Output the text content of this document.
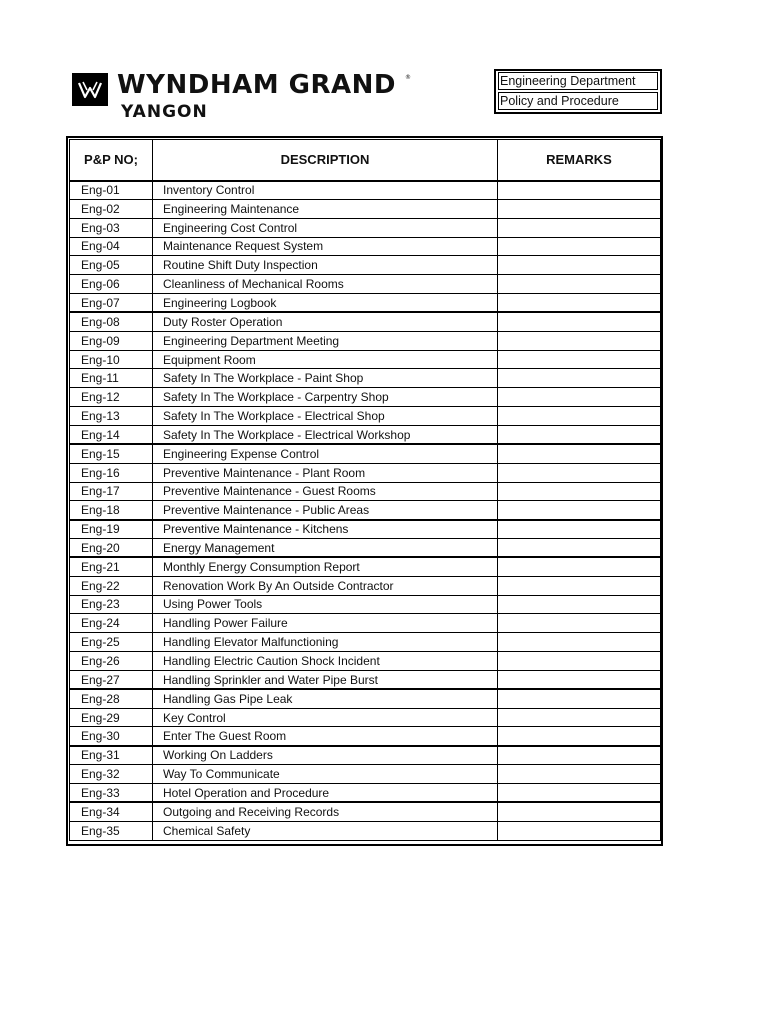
WYNDHAM GRAND ®
YANGON
Engineering Department
Policy and Procedure
P&P NO;	DESCRIPTION	REMARKS
Eng-01	Inventory Control	
Eng-02	Engineering Maintenance	
Eng-03	Engineering Cost Control	
Eng-04	Maintenance Request System	
Eng-05	Routine Shift Duty Inspection	
Eng-06	Cleanliness of Mechanical Rooms	
Eng-07	Engineering Logbook	
Eng-08	Duty Roster Operation	
Eng-09	Engineering Department Meeting	
Eng-10	Equipment Room	
Eng-11	Safety In The Workplace - Paint Shop	
Eng-12	Safety In The Workplace - Carpentry Shop	
Eng-13	Safety In The Workplace - Electrical Shop	
Eng-14	Safety In The Workplace - Electrical Workshop	
Eng-15	Engineering Expense Control	
Eng-16	Preventive Maintenance - Plant Room	
Eng-17	Preventive Maintenance - Guest Rooms	
Eng-18	Preventive Maintenance - Public Areas	
Eng-19	Preventive Maintenance - Kitchens	
Eng-20	Energy Management	
Eng-21	Monthly Energy Consumption Report	
Eng-22	Renovation Work By An Outside Contractor	
Eng-23	Using Power Tools	
Eng-24	Handling Power Failure	
Eng-25	Handling Elevator Malfunctioning	
Eng-26	Handling Electric Caution Shock Incident	
Eng-27	Handling Sprinkler and Water Pipe Burst	
Eng-28	Handling Gas Pipe Leak	
Eng-29	Key Control	
Eng-30	Enter The Guest Room	
Eng-31	Working On Ladders	
Eng-32	Way To Communicate	
Eng-33	Hotel Operation and Procedure	
Eng-34	Outgoing and Receiving Records	
Eng-35	Chemical Safety	
